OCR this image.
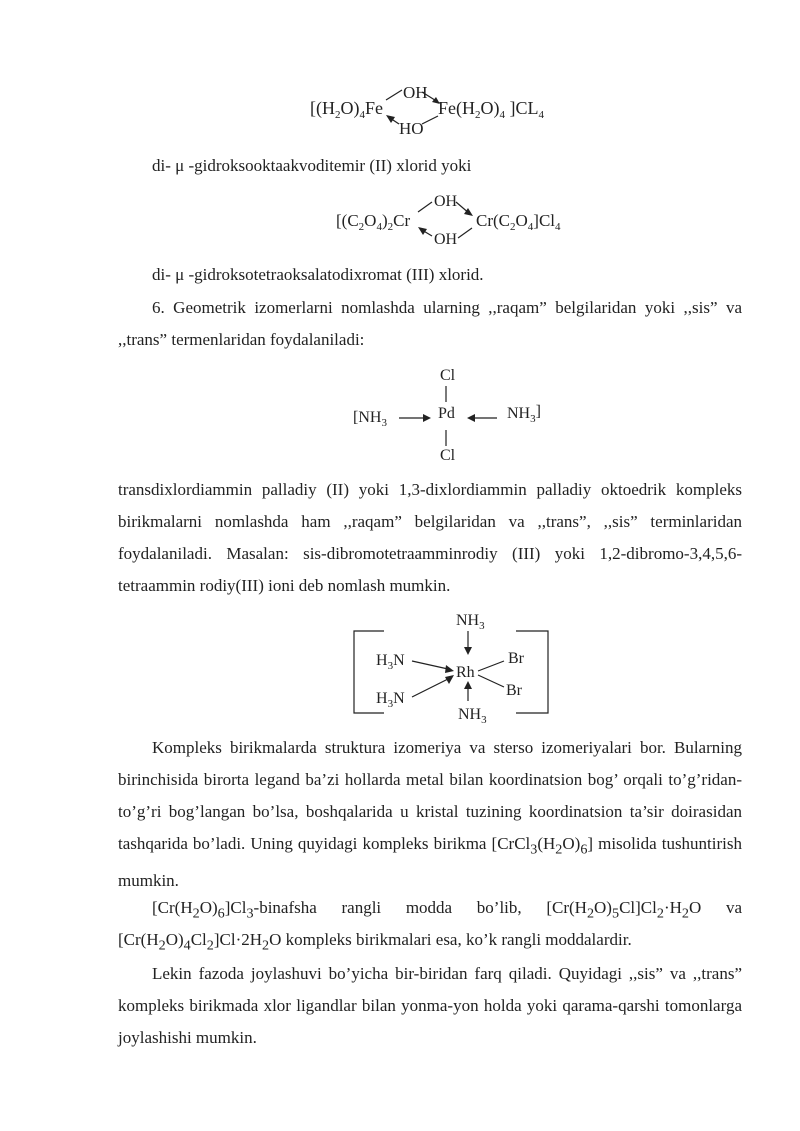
[$(H_2O)_4Fe$
OH
HO
$Fe(H_2O)_4$ ]$CL_4$

di- μ -gidroksooktaakvoditemir (II) xlorid yoki

[$(C_2O_4)_2Cr$
OH
OH
$Cr(C_2O_4]Cl_4$

di- μ -gidroksotetraoksalatodixromat (III) xlorid.

6. Geometrik izomerlarni nomlashda ularning ,,raqam” belgilaridan yoki ,,sis” va ,,trans” termenlaridan foydalaniladi:

Cl
[$NH_3$
Pd	$NH_3$]
Cl

transdixlordiammin palladiy (II) yoki 1,3-dixlordiammin palladiy oktoedrik kompleks birikmalarni nomlashda ham ,,raqam” belgilaridan va ,,trans”, ,,sis” terminlaridan foydalaniladi. Masalan: sis-dibromotetraamminrodiy (III) yoki 1,2-dibromo-3,4,5,6-tetraammin rodiy(III) ioni deb nomlash mumkin.

$NH_3$
$H_3N$
Rh
Br
Br
$H_3N$
$NH_3$

Kompleks birikmalarda struktura izomeriya va sterso izomeriyalari bor. Bularning birinchisida birorta legand ba’zi hollarda metal bilan koordinatsion bog’ orqali to’g’ridan-to’g’ri bog’langan bo’lsa, boshqalarida u kristal tuzining koordinatsion ta’sir doirasidan tashqarida bo’ladi. Uning quyidagi kompleks birikma $[CrCl_3(H_2O)_6]$ misolida tushuntirish mumkin.

$[Cr(H_2O)_6]Cl_3$-binafsha rangli modda bo’lib, $[Cr(H_2O)_5Cl]Cl_2\cdot H_2O$ va

$[Cr(H_2O)_4Cl_2]Cl\cdot 2H_2O$ kompleks birikmalari esa, ko’k rangli moddalardir.

Lekin fazoda joylashuvi bo’yicha bir-biridan farq qiladi. Quyidagi ,,sis” va ,,trans” kompleks birikmada xlor ligandlar bilan yonma-yon holda yoki qarama-qarshi tomonlarga joylashishi mumkin.
